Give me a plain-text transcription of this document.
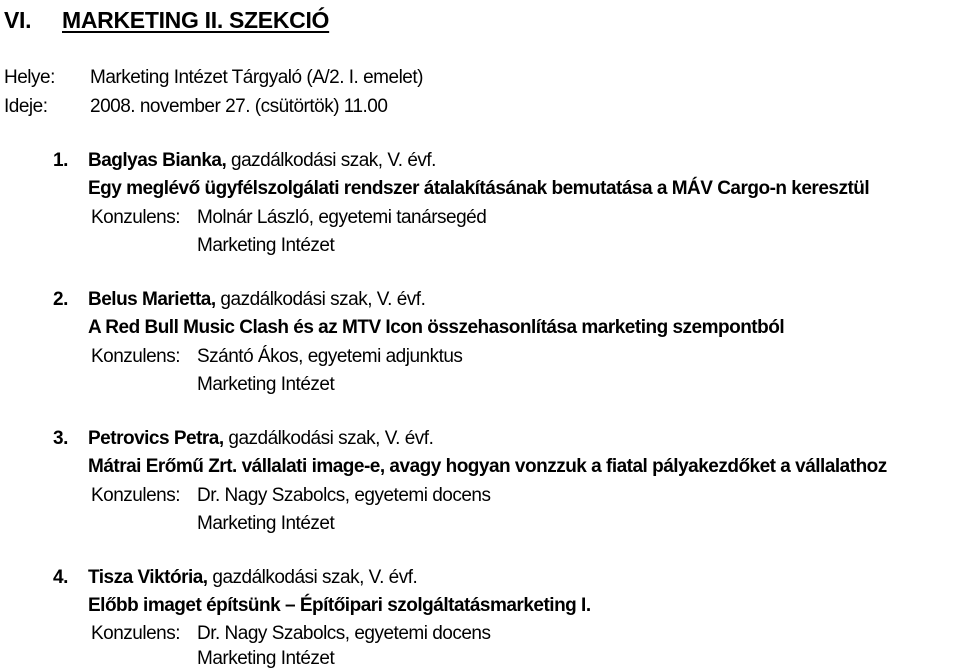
VI. MARKETING II. SZEKCIÓ
Helye: Marketing Intézet Tárgyaló (A/2. I. emelet)
Ideje: 2008. november 27. (csütörtök) 11.00
1. Baglyas Bianka, gazdálkodási szak, V. évf.
Egy meglévő ügyfélszolgálati rendszer átalakításának bemutatása a MÁV Cargo-n keresztül
Konzulens: Molnár László, egyetemi tanársegéd
Marketing Intézet
2. Belus Marietta, gazdálkodási szak, V. évf.
A Red Bull Music Clash és az MTV Icon összehasonlítása marketing szempontból
Konzulens: Szántó Ákos, egyetemi adjunktus
Marketing Intézet
3. Petrovics Petra, gazdálkodási szak, V. évf.
Mátrai Erőmű Zrt. vállalati image-e, avagy hogyan vonzzuk a fiatal pályakezdőket a vállalathoz
Konzulens: Dr. Nagy Szabolcs, egyetemi docens
Marketing Intézet
4. Tisza Viktória, gazdálkodási szak, V. évf.
Előbb imaget építsünk – Építőipari szolgáltatásmarketing I.
Konzulens: Dr. Nagy Szabolcs, egyetemi docens
Marketing Intézet
